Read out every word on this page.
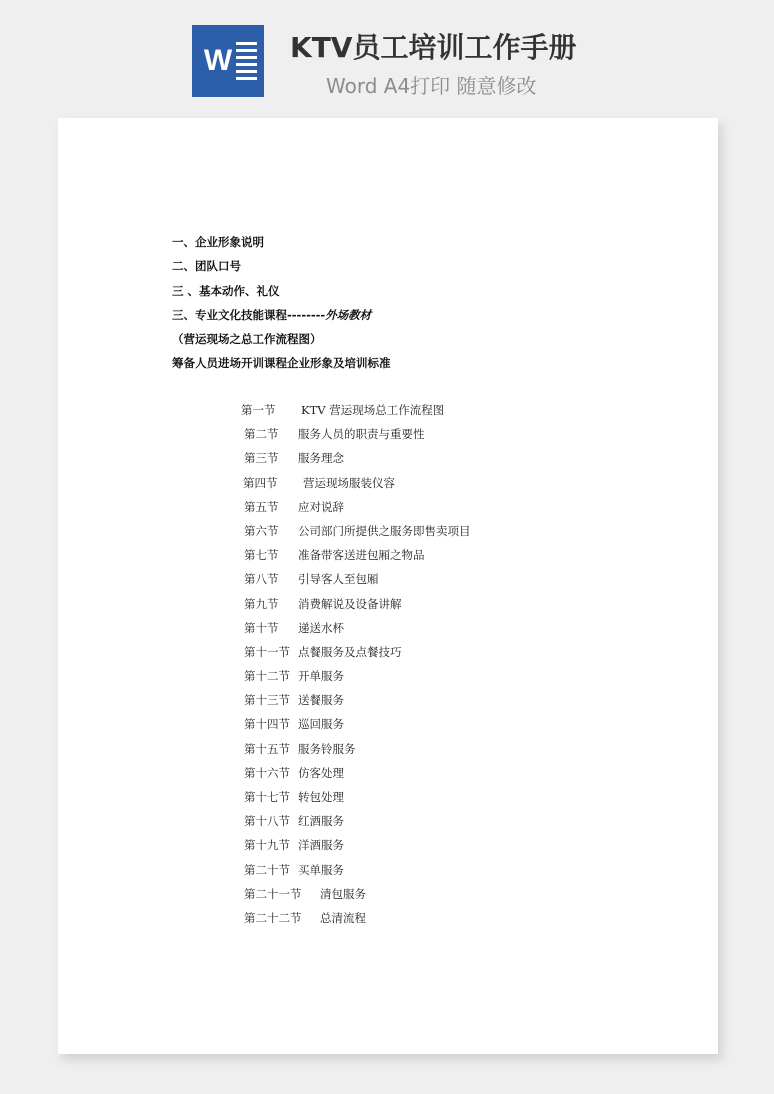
W KTV员工培训工作手册
Word A4打印 随意修改
一、企业形象说明
二、团队口号
三 、基本动作、礼仪
三、专业文化技能课程--------外场教材
（营运现场之总工作流程图）
筹备人员进场开训课程企业形象及培训标准
第一节 KTV 营运现场总工作流程图
第二节 服务人员的职责与重要性
第三节 服务理念
第四节 营运现场服装仪容
第五节 应对说辞
第六节 公司部门所提供之服务即售卖项目
第七节 准备带客送进包厢之物品
第八节 引导客人至包厢
第九节 消费解说及设备讲解
第十节 递送水杯
第十一节 点餐服务及点餐技巧
第十二节 开单服务
第十三节 送餐服务
第十四节 巡回服务
第十五节 服务铃服务
第十六节 仿客处理
第十七节 转包处理
第十八节 红酒服务
第十九节 洋酒服务
第二十节 买单服务
第二十一节 清包服务
第二十二节 总清流程
